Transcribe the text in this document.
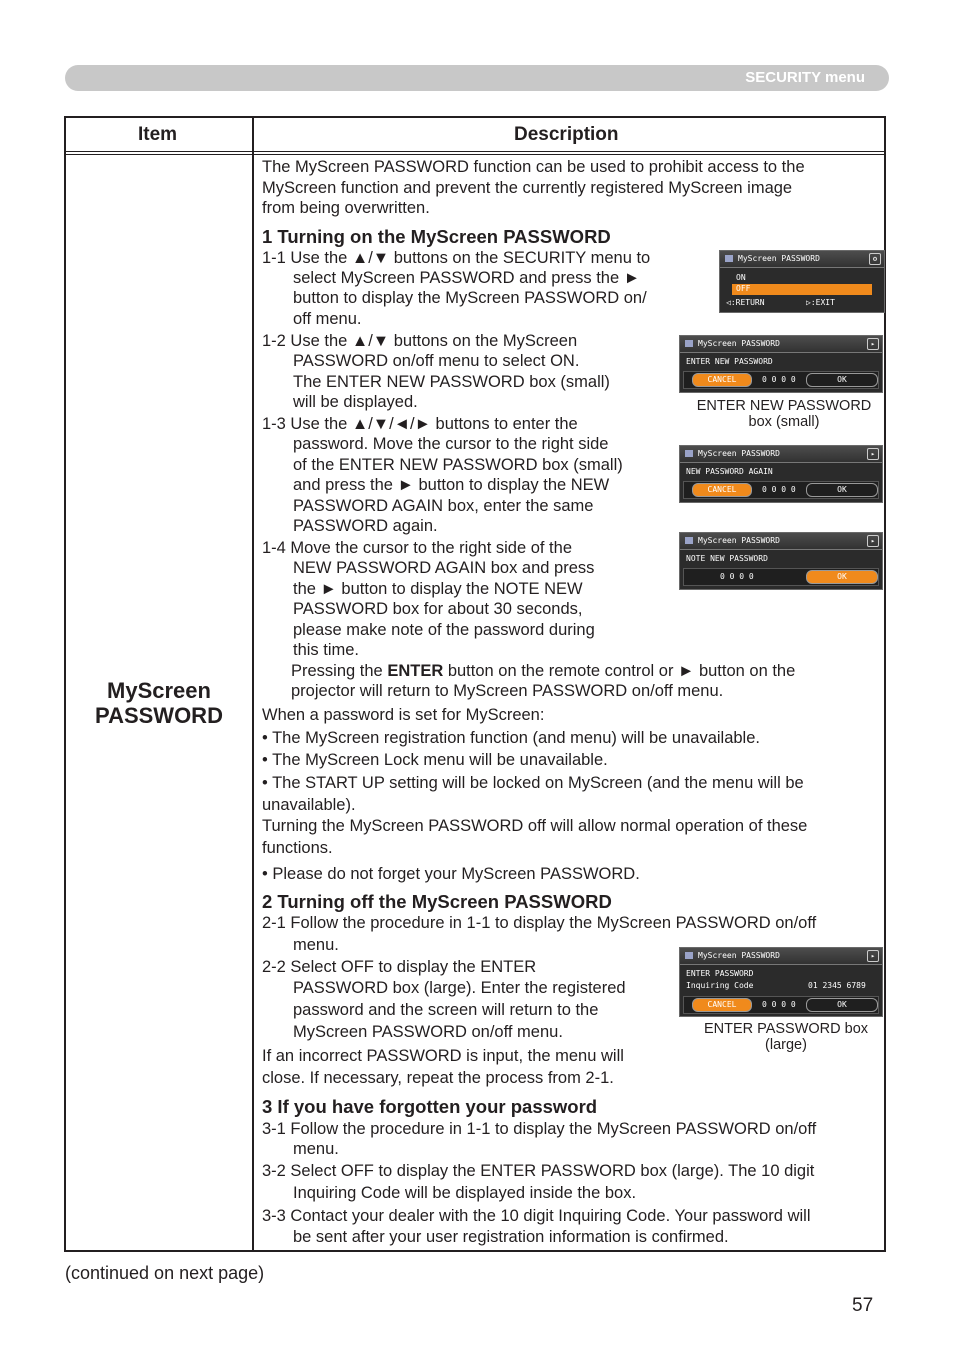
SECURITY menu
Item	Description
MyScreen
PASSWORD
The MyScreen PASSWORD function can be used to prohibit access to the
MyScreen function and prevent the currently registered MyScreen image
from being overwritten.
1 Turning on the MyScreen PASSWORD
1-1 Use the ▲/▼ buttons on the SECURITY menu to
select MyScreen PASSWORD and press the ►
button to display the MyScreen PASSWORD on/
off menu.
1-2 Use the ▲/▼ buttons on the MyScreen
PASSWORD on/off menu to select ON.
The ENTER NEW PASSWORD box (small)
will be displayed.
1-3 Use the ▲/▼/◄/► buttons to enter the
password. Move the cursor to the right side
of the ENTER NEW PASSWORD box (small)
and press the ► button to display the NEW
PASSWORD AGAIN box, enter the same
PASSWORD again.
1-4 Move the cursor to the right side of the
NEW PASSWORD AGAIN box and press
the ► button to display the NOTE NEW
PASSWORD box for about 30 seconds,
please make note of the password during
this time.
Pressing the ENTER button on the remote control or ► button on the
projector will return to MyScreen PASSWORD on/off menu.
When a password is set for MyScreen:
• The MyScreen registration function (and menu) will be unavailable.
• The MyScreen Lock menu will be unavailable.
• The START UP setting will be locked on MyScreen (and the menu will be
unavailable).
Turning the MyScreen PASSWORD off will allow normal operation of these
functions.
• Please do not forget your MyScreen PASSWORD.
2 Turning off the MyScreen PASSWORD
2-1 Follow the procedure in 1-1 to display the MyScreen PASSWORD on/off
menu.
2-2 Select OFF to display the ENTER
PASSWORD box (large). Enter the registered
password and the screen will return to the
MyScreen PASSWORD on/off menu.
If an incorrect PASSWORD is input, the menu will
close. If necessary, repeat the process from 2-1.
3 If you have forgotten your password
3-1 Follow the procedure in 1-1 to display the MyScreen PASSWORD on/off
menu.
3-2 Select OFF to display the ENTER PASSWORD box (large). The 10 digit
Inquiring Code will be displayed inside the box.
3-3 Contact your dealer with the 10 digit Inquiring Code. Your password will
be sent after your user registration information is confirmed.
MyScreen PASSWORD	⚙
ON
OFF
◁:RETURN	▷:EXIT
MyScreen PASSWORD	▸
ENTER NEW PASSWORD
CANCEL	0 0 0 0	OK
ENTER NEW PASSWORD
box (small)
MyScreen PASSWORD	▸
NEW PASSWORD AGAIN
CANCEL	0 0 0 0	OK
MyScreen PASSWORD	▸
NOTE NEW PASSWORD
0 0 0 0	OK
MyScreen PASSWORD	▸
ENTER PASSWORD
Inquiring Code	01 2345 6789
CANCEL	0 0 0 0	OK
ENTER PASSWORD box
(large)
(continued on next page)
57
